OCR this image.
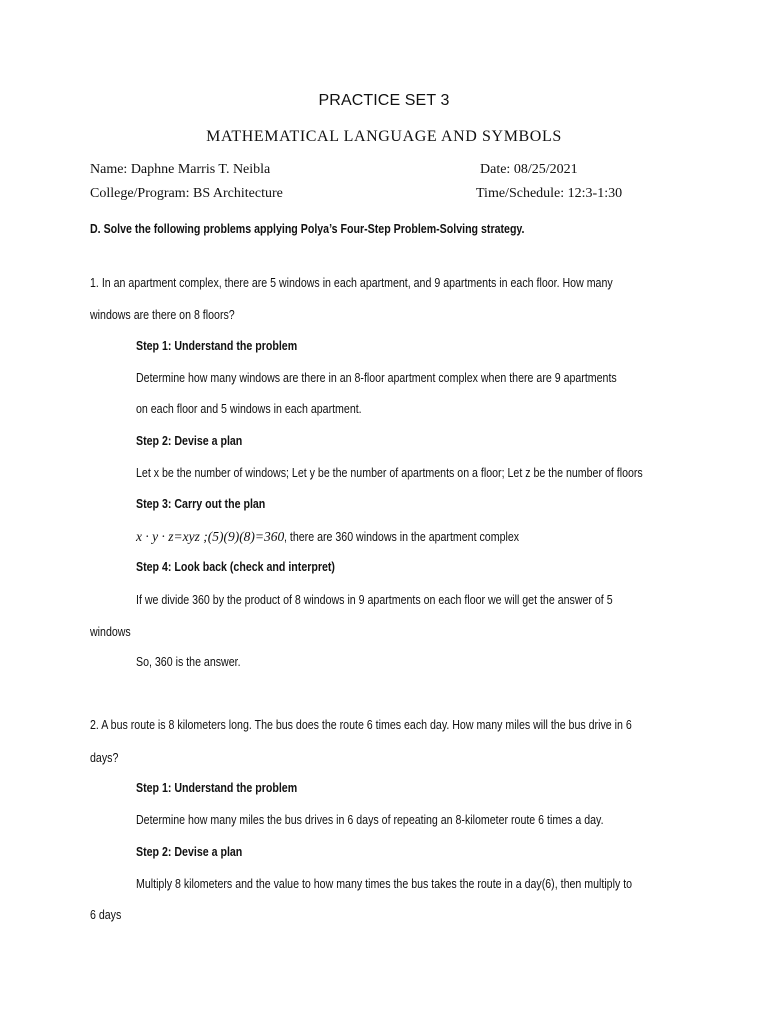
PRACTICE SET 3
MATHEMATICAL LANGUAGE AND SYMBOLS
Name: Daphne Marris T. Neibla	Date: 08/25/2021
College/Program: BS Architecture	Time/Schedule: 12:3-1:30
D. Solve the following problems applying Polya’s Four-Step Problem-Solving strategy.
1. In an apartment complex, there are 5 windows in each apartment, and 9 apartments in each floor. How many
windows are there on 8 floors?
Step 1: Understand the problem
Determine how many windows are there in an 8-floor apartment complex when there are 9 apartments
on each floor and 5 windows in each apartment.
Step 2: Devise a plan
Let x be the number of windows; Let y be the number of apartments on a floor; Let z be the number of floors
Step 3: Carry out the plan
x · y · z=xyz ;(5)(9)(8)=360, there are 360 windows in the apartment complex
Step 4: Look back (check and interpret)
If we divide 360 by the product of 8 windows in 9 apartments on each floor we will get the answer of 5
windows
So, 360 is the answer.
2. A bus route is 8 kilometers long. The bus does the route 6 times each day. How many miles will the bus drive in 6
days?
Step 1: Understand the problem
Determine how many miles the bus drives in 6 days of repeating an 8-kilometer route 6 times a day.
Step 2: Devise a plan
Multiply 8 kilometers and the value to how many times the bus takes the route in a day(6), then multiply to
6 days
